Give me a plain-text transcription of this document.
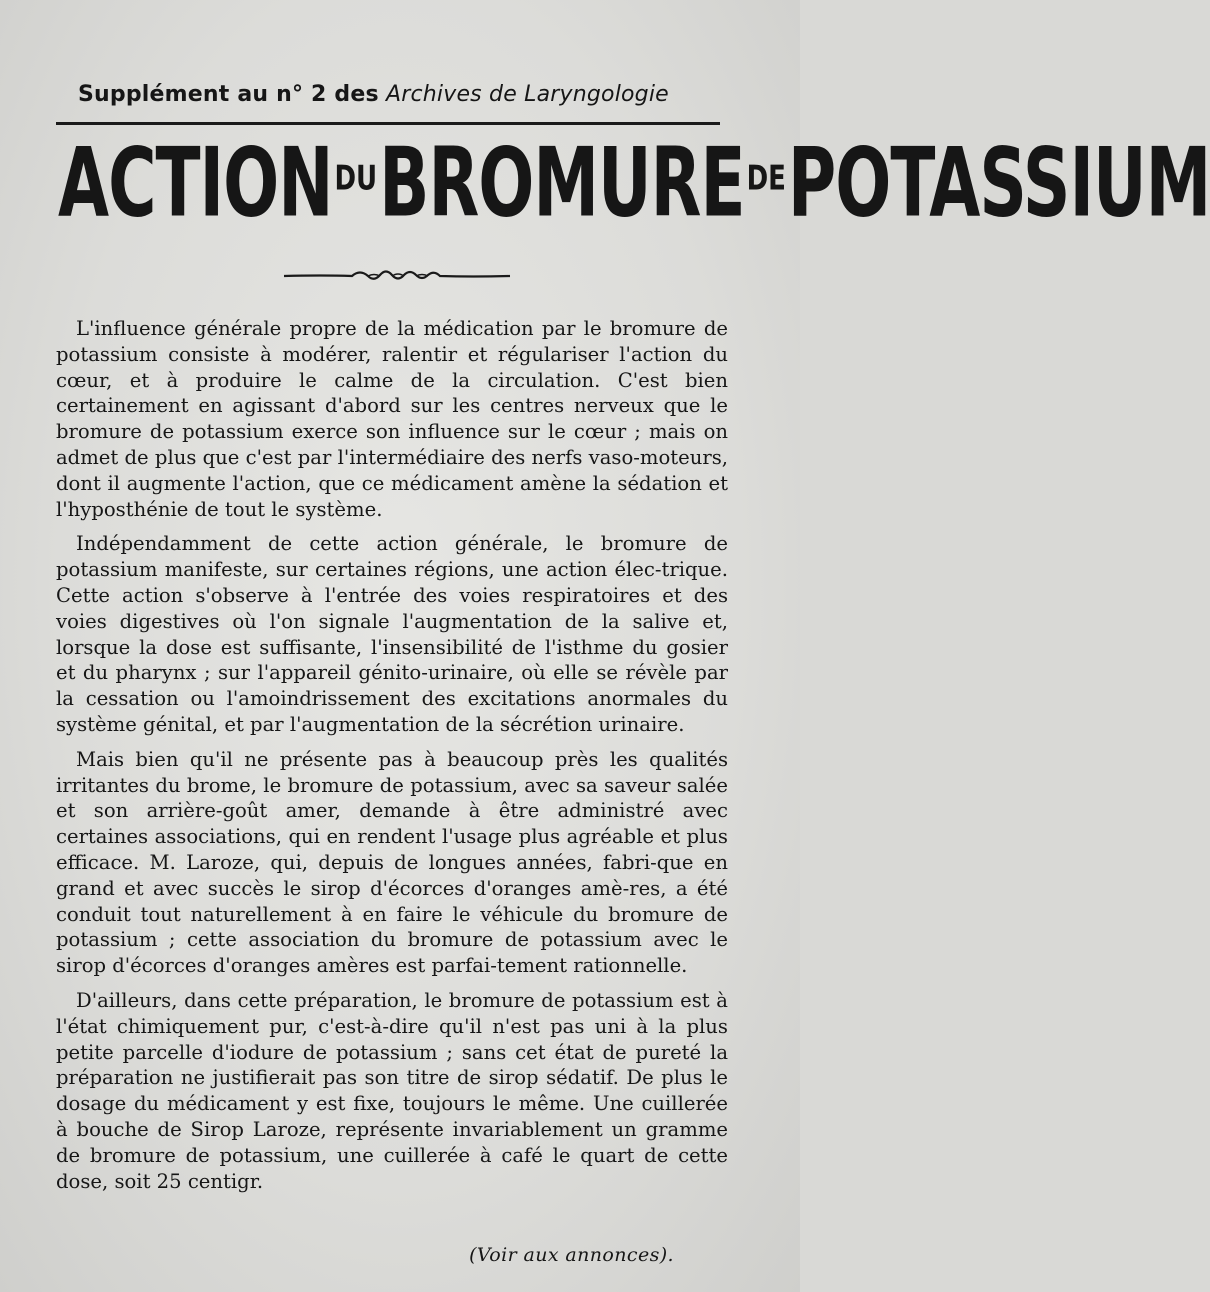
Supplément au n° 2 des Archives de Laryngologie
ACTIONDUBROMUREDEPOTASSIUM

L'influence générale propre de la médication par le bromure de potassium consiste à modérer, ralentir et régulariser l'action du cœur, et à produire le calme de la circulation. C'est bien certainement en agissant d'abord sur les centres nerveux que le bromure de potassium exerce son influence sur le cœur ; mais on admet de plus que c'est par l'intermédiaire des nerfs vaso-moteurs, dont il augmente l'action, que ce médicament amène la sédation et l'hyposthénie de tout le système.

Indépendamment de cette action générale, le bromure de potassium manifeste, sur certaines régions, une action élec-trique. Cette action s'observe à l'entrée des voies respiratoires et des voies digestives où l'on signale l'augmentation de la salive et, lorsque la dose est suffisante, l'insensibilité de l'isthme du gosier et du pharynx ; sur l'appareil génito-urinaire, où elle se révèle par la cessation ou l'amoindrissement des excitations anormales du système génital, et par l'augmentation de la sécrétion urinaire.

Mais bien qu'il ne présente pas à beaucoup près les qualités irritantes du brome, le bromure de potassium, avec sa saveur salée et son arrière-goût amer, demande à être administré avec certaines associations, qui en rendent l'usage plus agréable et plus efficace. M. Laroze, qui, depuis de longues années, fabri-que en grand et avec succès le sirop d'écorces d'oranges amè-res, a été conduit tout naturellement à en faire le véhicule du bromure de potassium ; cette association du bromure de potassium avec le sirop d'écorces d'oranges amères est parfai-tement rationnelle.

D'ailleurs, dans cette préparation, le bromure de potassium est à l'état chimiquement pur, c'est-à-dire qu'il n'est pas uni à la plus petite parcelle d'iodure de potassium ; sans cet état de pureté la préparation ne justifierait pas son titre de sirop sédatif. De plus le dosage du médicament y est fixe, toujours le même. Une cuillerée à bouche de Sirop Laroze, représente invariablement un gramme de bromure de potassium, une cuillerée à café le quart de cette dose, soit 25 centigr.

(Voir aux annonces).
